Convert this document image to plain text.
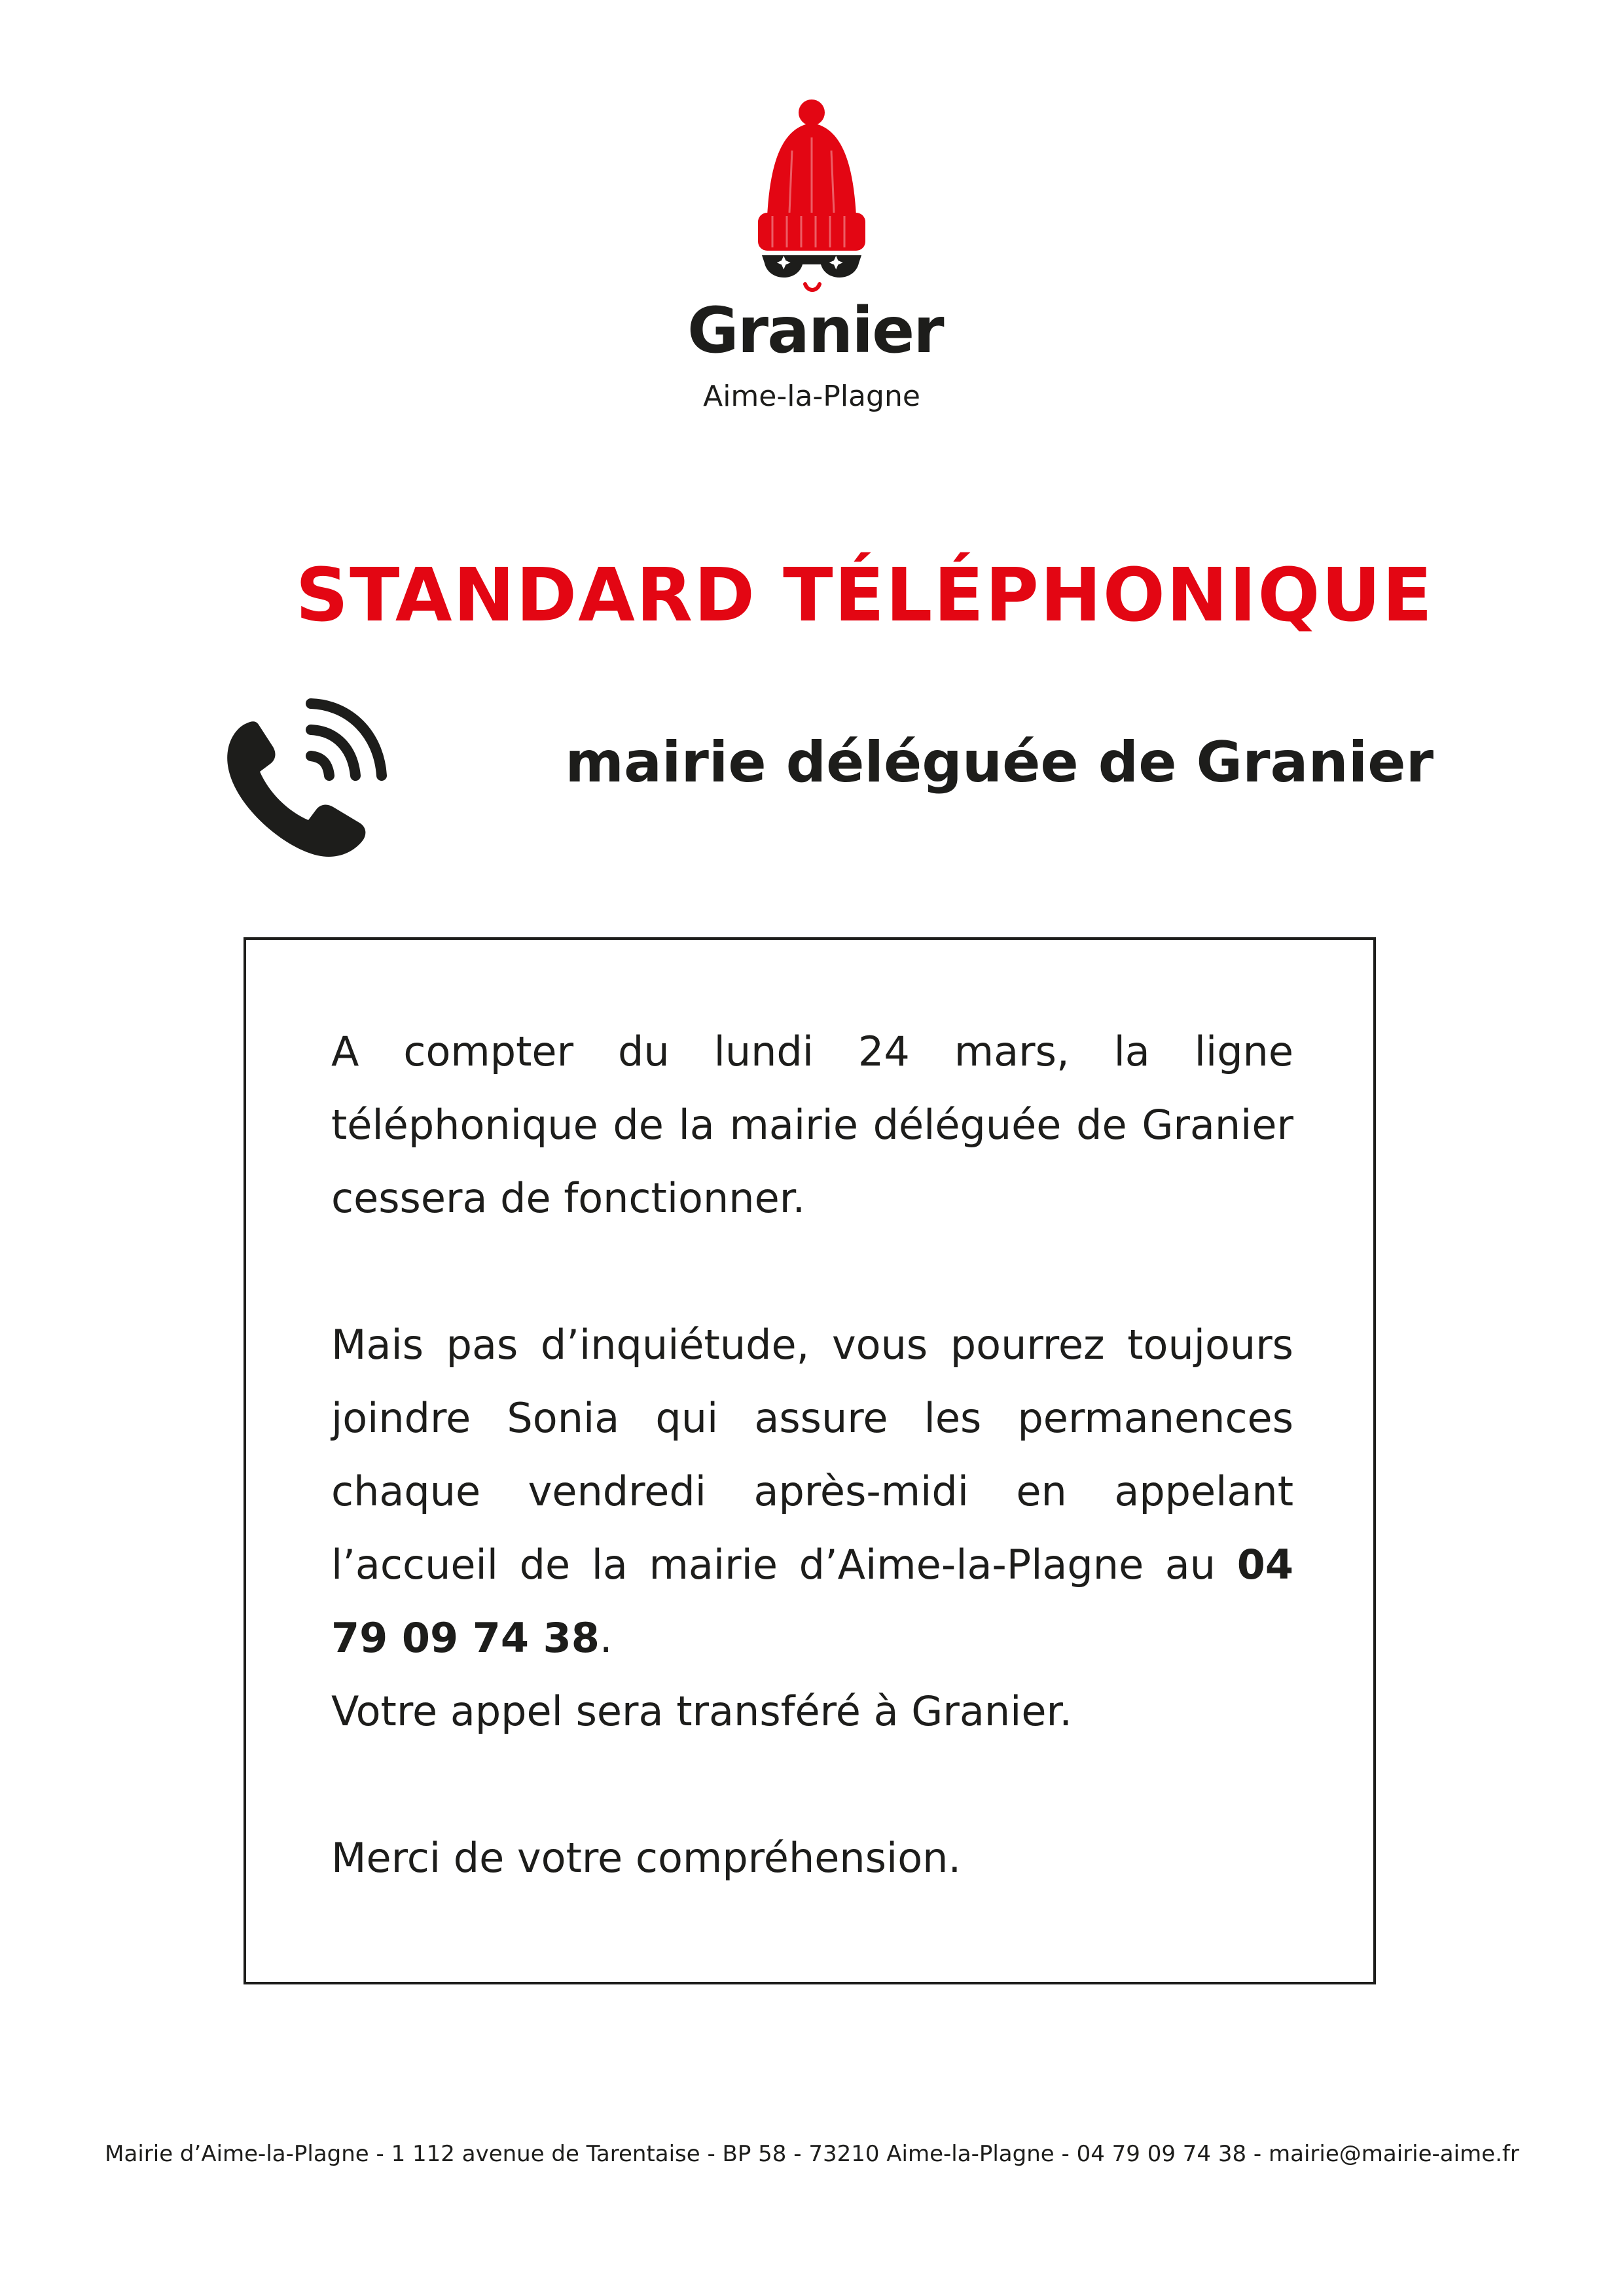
Granier
Aime-la-Plagne
STANDARD TÉLÉPHONIQUE
mairie déléguée de Granier

A compter du lundi 24 mars, la ligne téléphonique de la mairie déléguée de Granier cessera de fonctionner.

Mais pas d’inquiétude, vous pourrez toujours joindre Sonia qui assure les permanences chaque vendredi après-midi en appelant l’accueil de la mairie d’Aime-la-Plagne au 04 79 09 74 38.

Votre appel sera transféré à Granier.

Merci de votre compréhension.

Mairie d’Aime-la-Plagne - 1 112 avenue de Tarentaise - BP 58 - 73210 Aime-la-Plagne - 04 79 09 74 38 - mairie@mairie-aime.fr
